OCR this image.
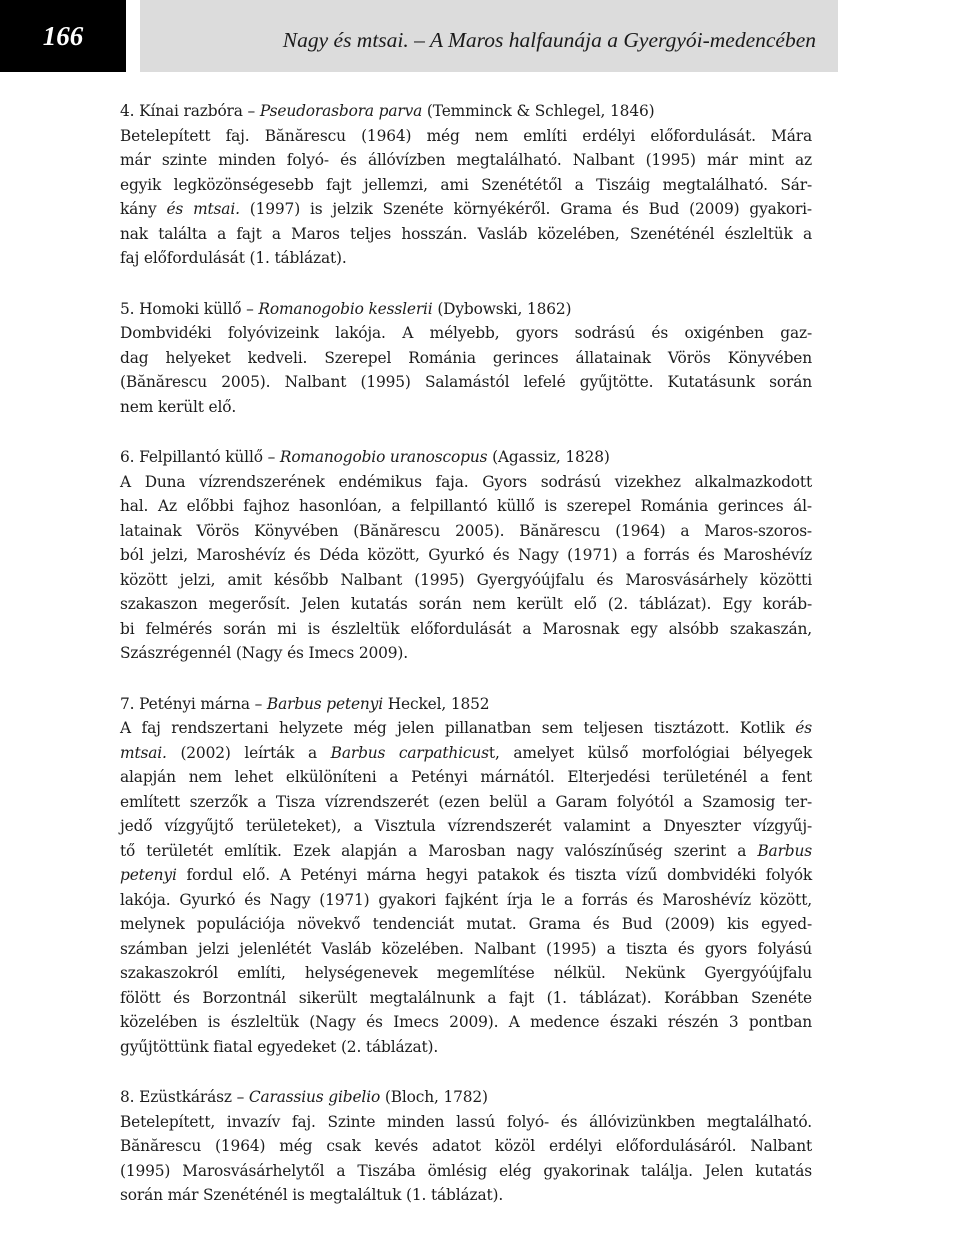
166	Nagy és mtsai. – A Maros halfaunája a Gyergyói-medencében
4. Kínai razbóra – Pseudorasbora parva (Temminck & Schlegel, 1846)
Betelepített faj. Bănărescu (1964) még nem említi erdélyi előfordulását. Mára
már szinte minden folyó- és állóvízben megtalálható. Nalbant (1995) már mint az
egyik legközönségesebb fajt jellemzi, ami Szenététől a Tiszáig megtalálható. Sár-
kány és mtsai. (1997) is jelzik Szenéte környékéről. Grama és Bud (2009) gyakori-
nak találta a fajt a Maros teljes hosszán. Vasláb közelében, Szenéténél észleltük a
faj előfordulását (1. táblázat).
5. Homoki küllő – Romanogobio kesslerii (Dybowski, 1862)
Dombvidéki folyóvizeink lakója. A mélyebb, gyors sodrású és oxigénben gaz-
dag helyeket kedveli. Szerepel Románia gerinces állatainak Vörös Könyvében
(Bănărescu 2005). Nalbant (1995) Salamástól lefelé gyűjtötte. Kutatásunk során
nem került elő.
6. Felpillantó küllő – Romanogobio uranoscopus (Agassiz, 1828)
A Duna vízrendszerének endémikus faja. Gyors sodrású vizekhez alkalmazkodott
hal. Az előbbi fajhoz hasonlóan, a felpillantó küllő is szerepel Románia gerinces ál-
latainak Vörös Könyvében (Bănărescu 2005). Bănărescu (1964) a Maros-szoros-
ból jelzi, Maroshévíz és Déda között, Gyurkó és Nagy (1971) a forrás és Maroshévíz
között jelzi, amit később Nalbant (1995) Gyergyóújfalu és Marosvásárhely közötti
szakaszon megerősít. Jelen kutatás során nem került elő (2. táblázat). Egy koráb-
bi felmérés során mi is észleltük előfordulását a Marosnak egy alsóbb szakaszán,
Szászrégennél (Nagy és Imecs 2009).
7. Petényi márna – Barbus petenyi Heckel, 1852
A faj rendszertani helyzete még jelen pillanatban sem teljesen tisztázott. Kotlik és
mtsai. (2002) leírták a Barbus carpathicust, amelyet külső morfológiai bélyegek
alapján nem lehet elkülöníteni a Petényi márnától. Elterjedési területénél a fent
említett szerzők a Tisza vízrendszerét (ezen belül a Garam folyótól a Szamosig ter-
jedő vízgyűjtő területeket), a Visztula vízrendszerét valamint a Dnyeszter vízgyűj-
tő területét említik. Ezek alapján a Marosban nagy valószínűség szerint a Barbus
petenyi fordul elő. A Petényi márna hegyi patakok és tiszta vízű dombvidéki folyók
lakója. Gyurkó és Nagy (1971) gyakori fajként írja le a forrás és Maroshévíz között,
melynek populációja növekvő tendenciát mutat. Grama és Bud (2009) kis egyed-
számban jelzi jelenlétét Vasláb közelében. Nalbant (1995) a tiszta és gyors folyású
szakaszokról említi, helységenevek megemlítése nélkül. Nekünk Gyergyóújfalu
fölött és Borzontnál sikerült megtalálnunk a fajt (1. táblázat). Korábban Szenéte
közelében is észleltük (Nagy és Imecs 2009). A medence északi részén 3 pontban
gyűjtöttünk fiatal egyedeket (2. táblázat).
8. Ezüstkárász – Carassius gibelio (Bloch, 1782)
Betelepített, invazív faj. Szinte minden lassú folyó- és állóvizünkben megtalálható.
Bănărescu (1964) még csak kevés adatot közöl erdélyi előfordulásáról. Nalbant
(1995) Marosvásárhelytől a Tiszába ömlésig elég gyakorinak találja. Jelen kutatás
során már Szenéténél is megtaláltuk (1. táblázat).
